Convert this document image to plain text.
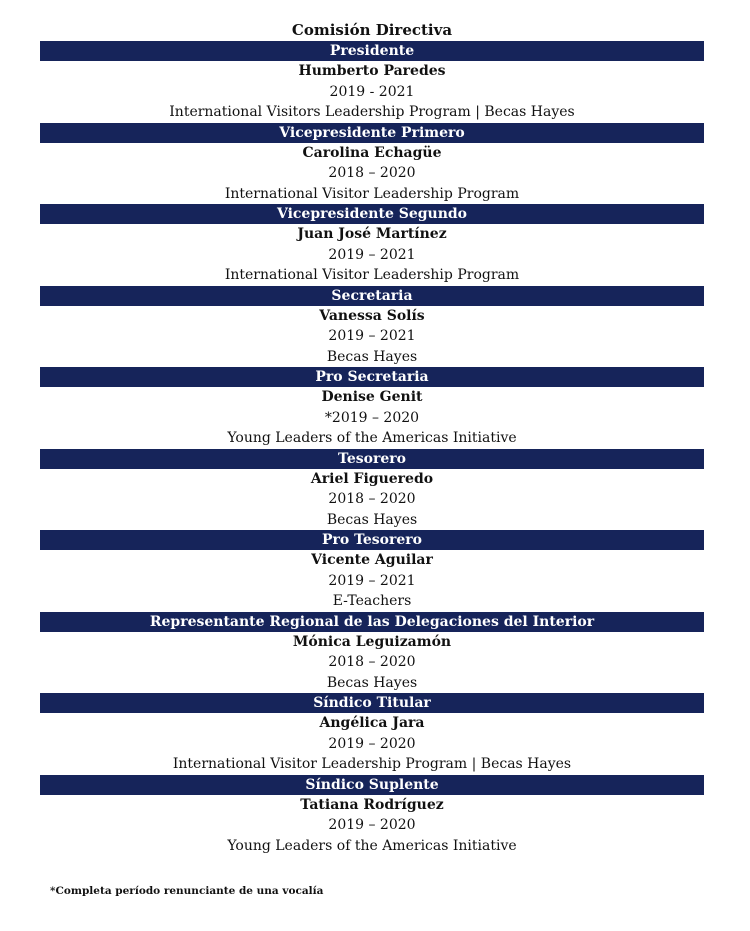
Comisión Directiva
Presidente
Humberto Paredes
2019 - 2021
International Visitors Leadership Program | Becas Hayes
Vicepresidente Primero
Carolina Echagüe
2018 – 2020
International Visitor Leadership Program
Vicepresidente Segundo
Juan José Martínez
2019 – 2021
International Visitor Leadership Program
Secretaria
Vanessa Solís
2019 – 2021
Becas Hayes
Pro Secretaria
Denise Genit
*2019 – 2020
Young Leaders of the Americas Initiative
Tesorero
Ariel Figueredo
2018 – 2020
Becas Hayes
Pro Tesorero
Vicente Aguilar
2019 – 2021
E-Teachers
Representante Regional de las Delegaciones del Interior
Mónica Leguizamón
2018 – 2020
Becas Hayes
Síndico Titular
Angélica Jara
2019 – 2020
International Visitor Leadership Program | Becas Hayes
Síndico Suplente
Tatiana Rodríguez
2019 – 2020
Young Leaders of the Americas Initiative
*Completa período renunciante de una vocalía
